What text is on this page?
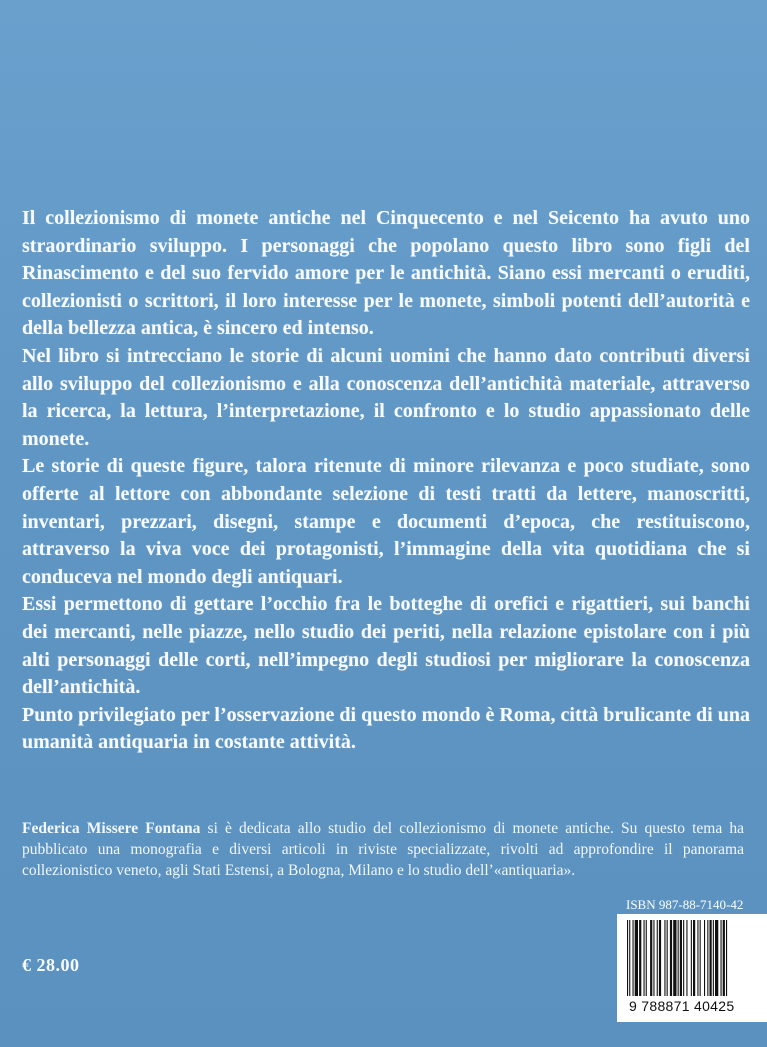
Il collezionismo di monete antiche nel Cinquecento e nel Seicento ha avuto uno straordinario sviluppo. I personaggi che popolano questo libro sono figli del Rinascimento e del suo fervido amore per le antichità. Siano essi mercanti o eruditi, collezionisti o scrittori, il loro interesse per le monete, simboli potenti dell’autorità e della bellezza antica, è sincero ed intenso.

Nel libro si intrecciano le storie di alcuni uomini che hanno dato contributi diversi allo sviluppo del collezionismo e alla conoscenza dell’antichità materiale, attraverso la ricerca, la lettura, l’interpretazione, il confronto e lo studio appassionato delle monete.

Le storie di queste figure, talora ritenute di minore rilevanza e poco studiate, sono offerte al lettore con abbondante selezione di testi tratti da lettere, manoscritti, inventari, prezzari, disegni, stampe e documenti d’epoca, che restituiscono, attraverso la viva voce dei protagonisti, l’immagine della vita quotidiana che si conduceva nel mondo degli antiquari.

Essi permettono di gettare l’occhio fra le botteghe di orefici e rigattieri, sui banchi dei mercanti, nelle piazze, nello studio dei periti, nella relazione epistolare con i più alti personaggi delle corti, nell’impegno degli studiosi per migliorare la conoscenza dell’antichità.

Punto privilegiato per l’osservazione di questo mondo è Roma, città brulicante di una umanità antiquaria in costante attività.

Federica Missere Fontana si è dedicata allo studio del collezionismo di monete antiche. Su questo tema ha pubblicato una monografia e diversi articoli in riviste specializzate, rivolti ad approfondire il panorama collezionistico veneto, agli Stati Estensi, a Bologna, Milano e lo studio dell’«antiquaria».
€ 28.00
ISBN 987-88-7140-42
9 788871 40425
